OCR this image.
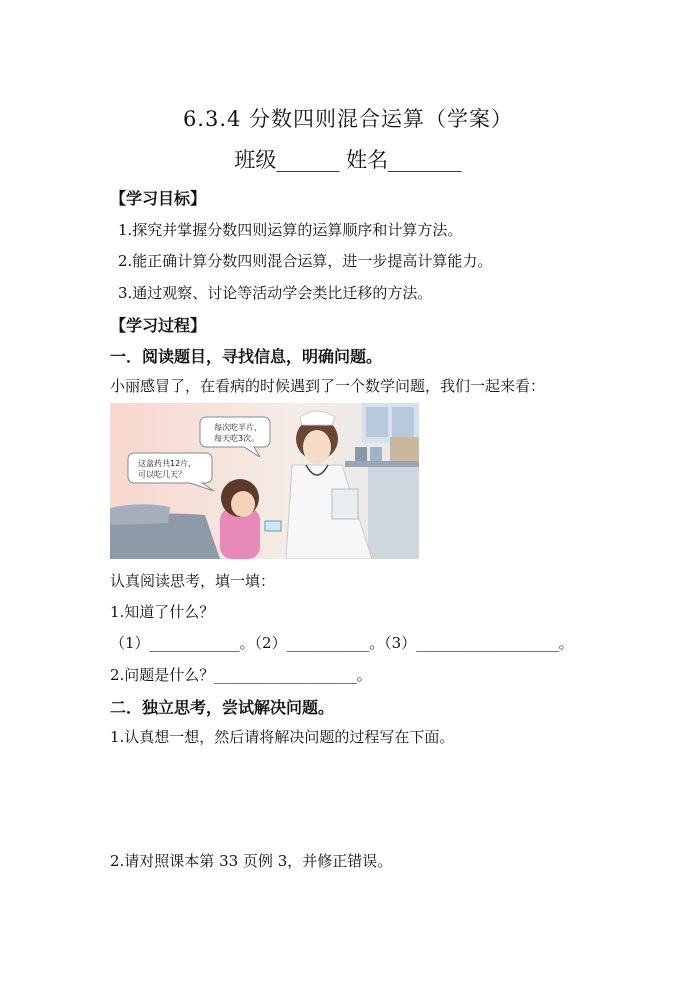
6.3.4 分数四则混合运算（学案）
班级______ 姓名_______
【学习目标】
1.探究并掌握分数四则运算的运算顺序和计算方法。
2.能正确计算分数四则混合运算，进一步提高计算能力。
3.通过观察、讨论等活动学会类比迁移的方法。
【学习过程】
一．阅读题目，寻找信息，明确问题。
小丽感冒了，在看病的时候遇到了一个数学问题，我们一起来看：
每次吃半片，
每天吃3次。
这盒药共12片，
可以吃几天？
认真阅读思考，填一填：
1.知道了什么？
（1）____________。（2）___________。（3）___________________。
2.问题是什么？___________________。
二．独立思考，尝试解决问题。
1.认真想一想，然后请将解决问题的过程写在下面。
2.请对照课本第 33 页例 3，并修正错误。
